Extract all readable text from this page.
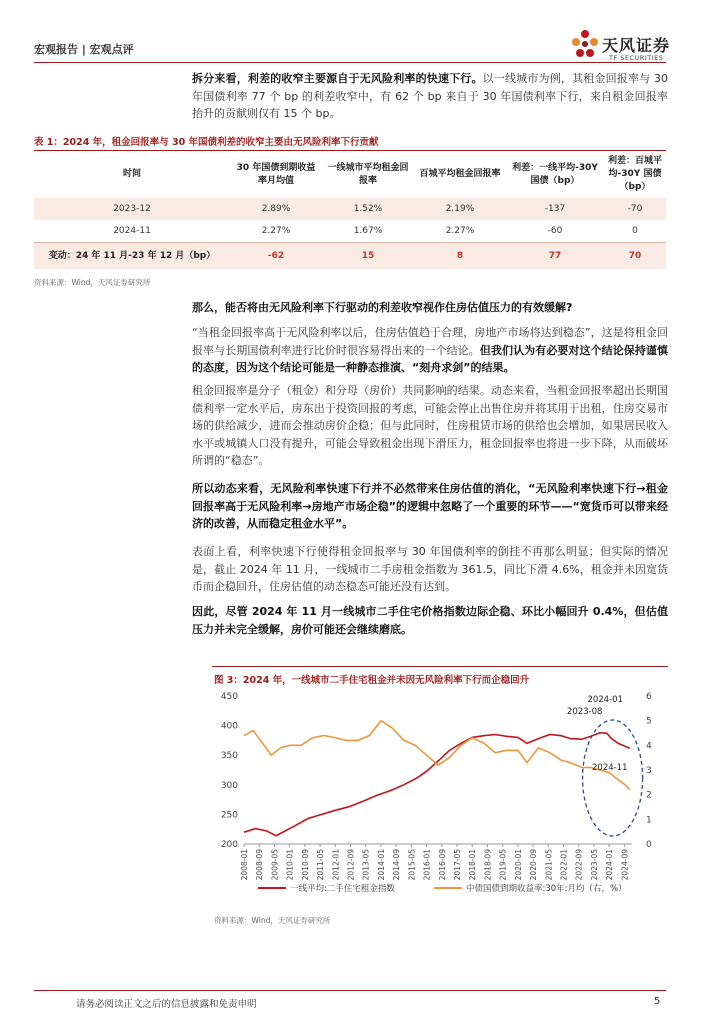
宏观报告 | 宏观点评	天风证券
TF SECURITIES
拆分来看，利差的收窄主要源自于无风险利率的快速下行。以一线城市为例，其租金回报率与 30 年国债利率 77 个 bp 的利差收窄中，有 62 个 bp 来自于 30 年国债利率下行，来自租金回报率抬升的贡献则仅有 15 个 bp。
表 1：2024 年，租金回报率与 30 年国债利差的收窄主要由无风险利率下行贡献
时间	30 年国债到期收益率月均值	一线城市平均租金回报率	百城平均租金回报率	利差：一线平均-30Y 国债（bp）	利差：百城平均-30Y 国债（bp）
2023-12	2.89%	1.52%	2.19%	-137	-70
2024-11	2.27%	1.67%	2.27%	-60	0
变动：24 年 11 月-23 年 12 月（bp）	-62	15	8	77	70
资料来源：Wind，天风证券研究所
那么，能否将由无风险利率下行驱动的利差收窄视作住房估值压力的有效缓解?
“当租金回报率高于无风险利率以后，住房估值趋于合理，房地产市场将达到稳态”，这是将租金回报率与长期国债利率进行比价时很容易得出来的一个结论。但我们认为有必要对这个结论保持谨慎的态度，因为这个结论可能是一种静态推演、“刻舟求剑”的结果。
租金回报率是分子（租金）和分母（房价）共同影响的结果。动态来看，当租金回报率超出长期国债利率一定水平后，房东出于投资回报的考虑，可能会停止出售住房并将其用于出租，住房交易市场的供给减少，进而会推动房价企稳；但与此同时，住房租赁市场的供给也会增加，如果居民收入水平或城镇人口没有提升，可能会导致租金出现下滑压力，租金回报率也将进一步下降，从而破坏所谓的“稳态”。
所以动态来看，无风险利率快速下行并不必然带来住房估值的消化，“无风险利率快速下行→租金回报率高于无风险利率→房地产市场企稳”的逻辑中忽略了一个重要的环节——“宽货币可以带来经济的改善，从而稳定租金水平”。
表面上看，利率快速下行使得租金回报率与 30 年国债利率的倒挂不再那么明显；但实际的情况是，截止 2024 年 11 月，一线城市二手房租金指数为 361.5，同比下滑 4.6%，租金并未因宽货币而企稳回升，住房估值的动态稳态可能还没有达到。
因此，尽管 2024 年 11 月一线城市二手住宅价格指数边际企稳、环比小幅回升 0.4%，但估值压力并未完全缓解，房价可能还会继续磨底。
图 3：2024 年，一线城市二手住宅租金并未因无风险利率下行而企稳回升
200
250
300
350
400
450
0
1
2
3
4
5
6
2008-01 2008-09 2009-05 2010-01 2010-09 2011-05 2012-01 2012-09 2013-05 2014-01 2014-09 2015-05 2016-01 2016-09 2017-05 2018-01 2018-09 2019-05 2020-01 2020-09 2021-05 2022-01 2022-09 2023-05 2024-01 2024-09
2023-08
2024-01
2024-11
一线平均:二手住宅租金指数	中债国债到期收益率:30年:月均（右，%）
资料来源：Wind，天风证券研究所
请务必阅读正文之后的信息披露和免责申明	5
